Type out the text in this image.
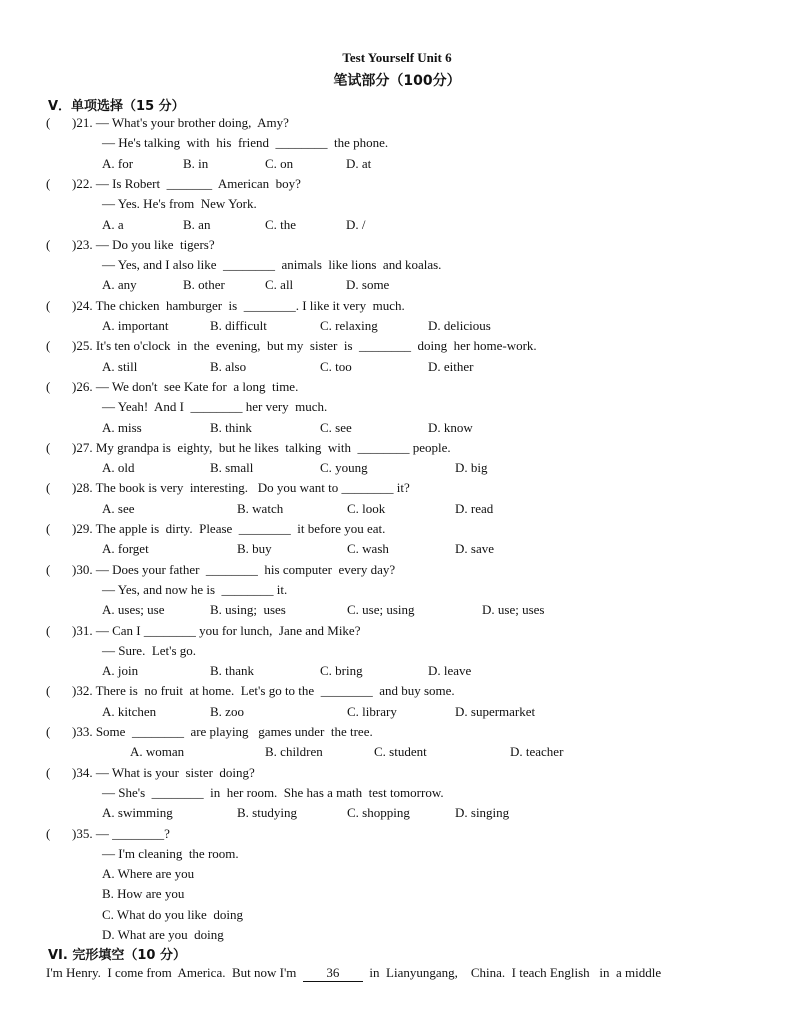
Test Yourself Unit 6
笔试部分（100分）
V．单项选择（15 分）
( )21. — What's your brother doing,  Amy?
— He's talking  with  his  friend  ________  the phone.
A. for	B. in	C. on	D. at
( )22. — Is Robert  _______  American  boy?
— Yes. He's from  New York.
A. a	B. an	C. the	D. /
( )23. — Do you like  tigers?
— Yes, and I also like  ________  animals  like lions  and koalas.
A. any	B. other	C. all	D. some
( )24. The chicken  hamburger  is  ________. I like it very  much.
A. important	B. difficult	C. relaxing	D. delicious
( )25. It's ten o'clock  in  the  evening,  but my  sister  is  ________  doing  her home-work.
A. still	B. also	C. too	D. either
( )26. — We don't  see Kate for  a long  time.
— Yeah!  And I  ________ her very  much.
A. miss	B. think	C. see	D. know
( )27. My grandpa is  eighty,  but he likes  talking  with  ________ people.
A. old	B. small	C. young	D. big
( )28. The book is very  interesting.   Do you want to ________ it?
A. see	B. watch	C. look	D. read
( )29. The apple is  dirty.  Please  ________  it before you eat.
A. forget	B. buy	C. wash	D. save
( )30. — Does your father  ________  his computer  every day?
— Yes, and now he is  ________ it.
A. uses; use	B. using;  uses	C. use; using	D. use; uses
( )31. — Can I ________ you for lunch,  Jane and Mike?
— Sure.  Let's go.
A. join	B. thank	C. bring	D. leave
( )32. There is  no fruit  at home.  Let's go to the  ________  and buy some.
A. kitchen	B. zoo	C. library	D. supermarket
( )33. Some  ________  are playing   games under  the tree.
A. woman	B. children	C. student	D. teacher
( )34. — What is your  sister  doing?
— She's  ________  in  her room.  She has a math  test tomorrow.
A. swimming	B. studying	C. shopping	D. singing
( )35. — ________?
— I'm cleaning  the room.
A. Where are you
B. How are you
C. What do you like  doing
D. What are you  doing
VI. 完形填空（10 分）
I'm Henry.  I come from  America.  But now I'm  36  in  Lianyungang,    China.  I teach English   in  a middle
